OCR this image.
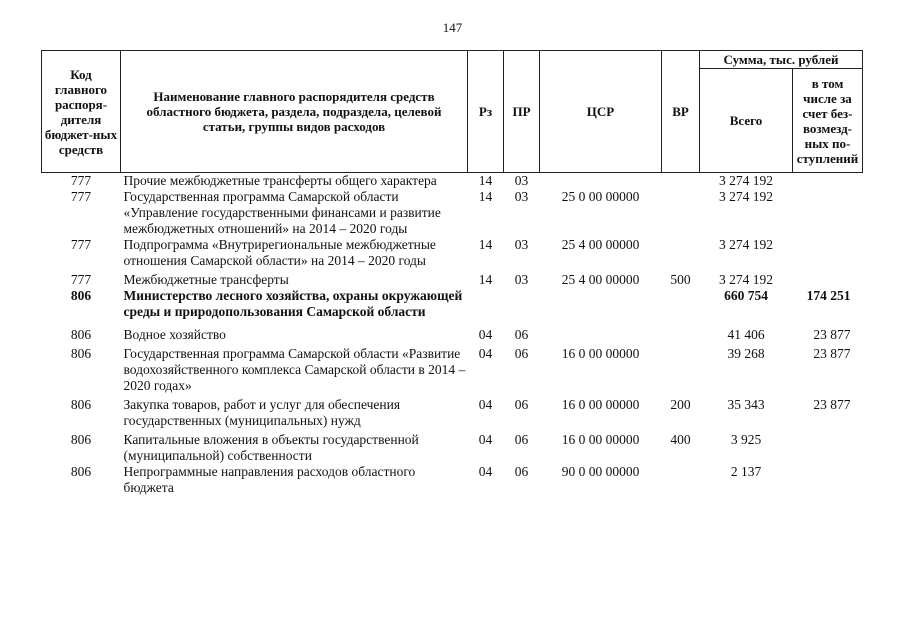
147
Код главного распоря-дителя бюджет-ных средств	Наименование главного распорядителя средств областного бюджета, раздела, подраздела, целевой статьи, группы видов расходов	Рз	ПР	ЦСР	ВР	Сумма, тыс. рублей	
						Всего	в том числе за счет без-возмезд-ных по-ступлений
777	Прочие межбюджетные трансферты общего характера	14	03			3 274 192	
777	Государственная программа Самарской области «Управление государственными финансами и развитие межбюджетных отношений» на 2014 – 2020 годы	14	03	25 0 00 00000		3 274 192	
777	Подпрограмма «Внутрирегиональные межбюджетные отношения Самарской области» на 2014 – 2020 годы	14	03	25 4 00 00000		3 274 192	

777	Межбюджетные трансферты	14	03	25 4 00 00000	500	3 274 192	
806	Министерство лесного хозяйства, охраны окружающей среды и природопользования Самарской области					660 754	174 251

806	Водное хозяйство	04	06			41 406	23 877

806	Государственная программа Самарской области «Развитие водохозяйственного комплекса Самарской области в 2014 – 2020 годах»	04	06	16 0 00 00000		39 268	23 877

806	Закупка товаров, работ и услуг для обеспечения государственных (муниципальных) нужд	04	06	16 0 00 00000	200	35 343	23 877

806	Капитальные вложения в объекты государственной (муниципальной) собственности	04	06	16 0 00 00000	400	3 925	
806	Непрограммные направления расходов областного бюджета	04	06	90 0 00 00000		2 137	
